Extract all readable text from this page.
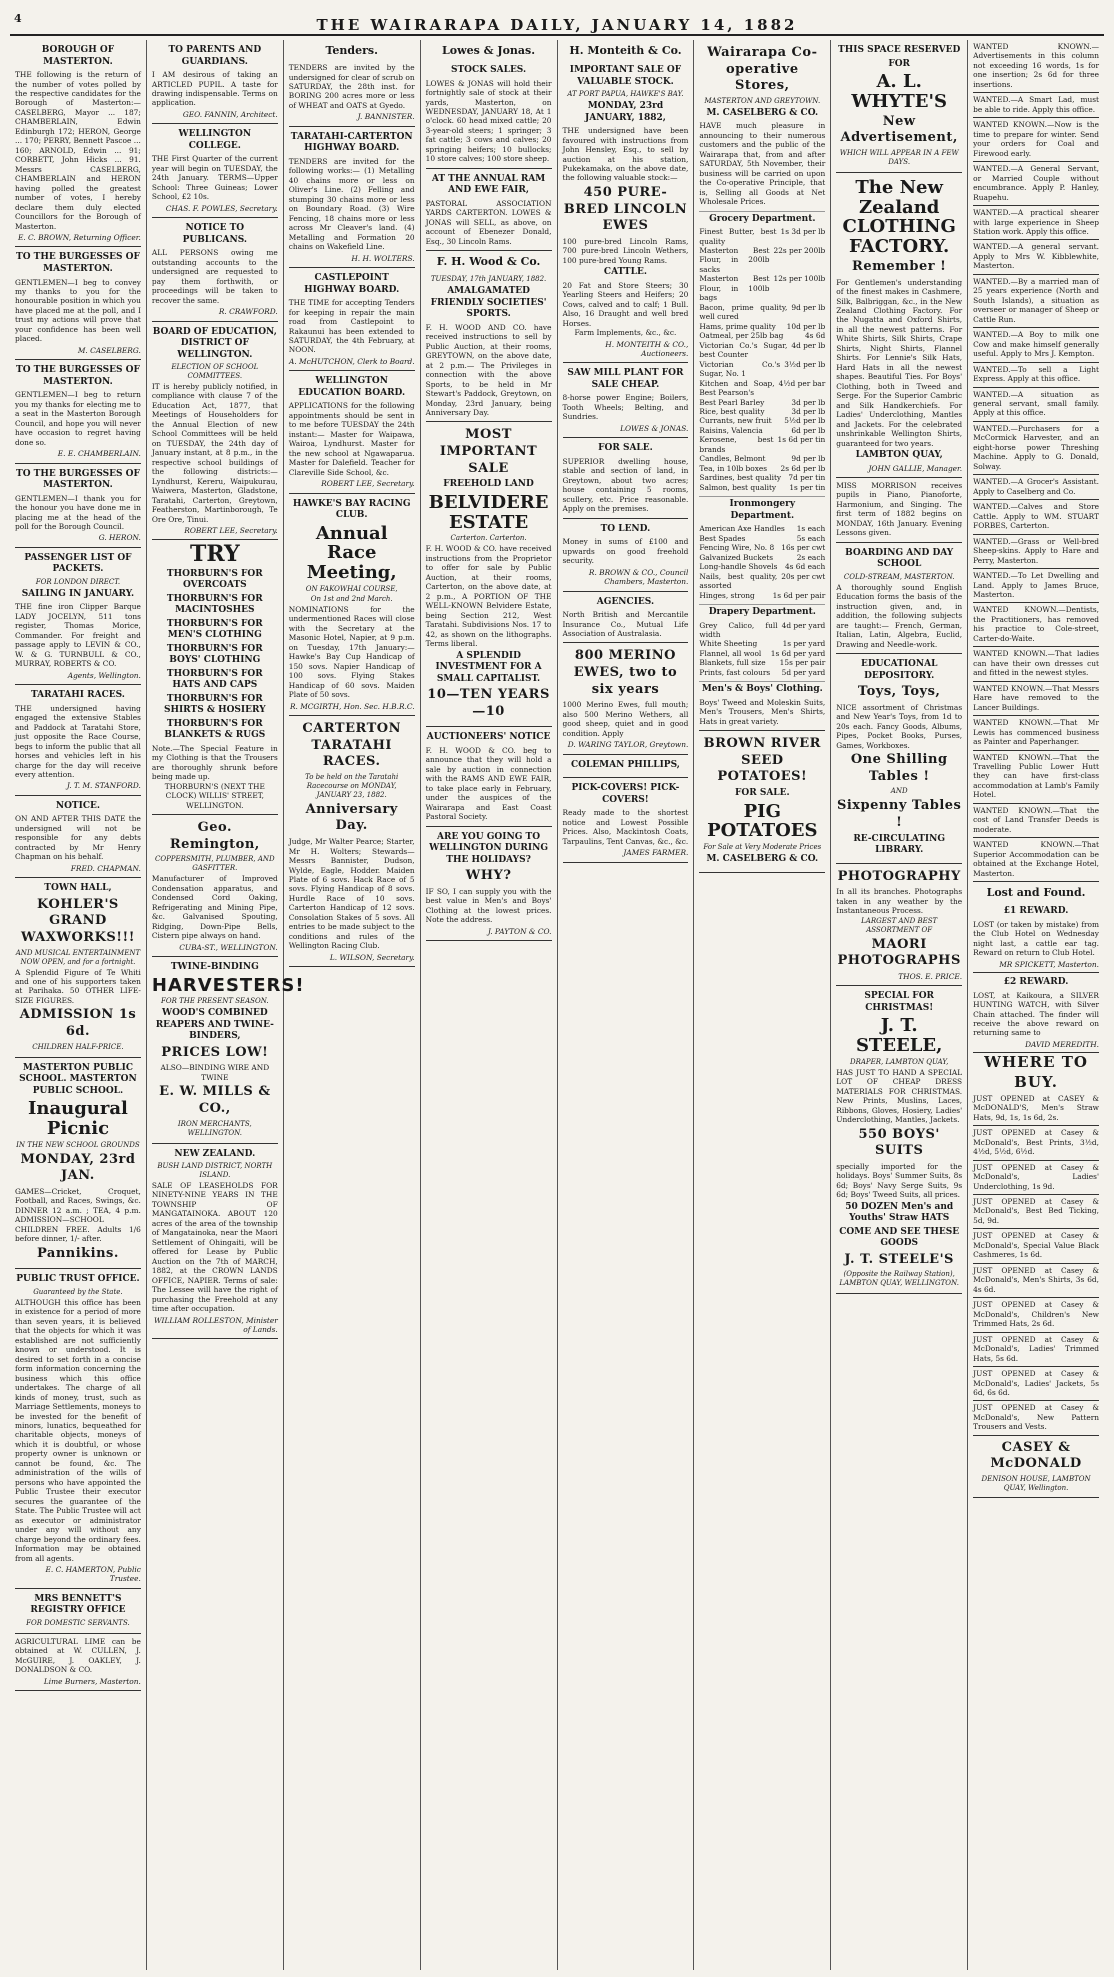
4	THE WAIRARAPA DAILY, JANUARY 14, 1882
BOROUGH OF MASTERTON.
THE following is the return of the number of votes polled by the respective candidates for the Borough of Masterton:— CASELBERG, Mayor ... 187; CHAMBERLAIN, Edwin Edinburgh 172; HERON, George ... 170; PERRY, Bennett Pascoe ... 160; ARNOLD, Edwin ... 91; CORBETT, John Hicks ... 91. Messrs CASELBERG, CHAMBERLAIN and HERON having polled the greatest number of votes, I hereby declare them duly elected Councillors for the Borough of Masterton.
E. C. BROWN, Returning Officer.
TO THE BURGESSES OF MASTERTON.
GENTLEMEN—I beg to convey my thanks to you for the honourable position in which you have placed me at the poll, and I trust my actions will prove that your confidence has been well placed.
M. CASELBERG.
TO THE BURGESSES OF MASTERTON.
GENTLEMEN—I beg to return you my thanks for electing me to a seat in the Masterton Borough Council, and hope you will never have occasion to regret having done so.
E. E. CHAMBERLAIN.
TO THE BURGESSES OF MASTERTON.
GENTLEMEN—I thank you for the honour you have done me in placing me at the head of the poll for the Borough Council.
G. HERON.
PASSENGER LIST OF PACKETS.
FOR LONDON DIRECT.
SAILING IN JANUARY.
THE fine iron Clipper Barque LADY JOCELYN, 511 tons register, Thomas Morice, Commander. For freight and passage apply to LEVIN & CO., W. & G. TURNBULL & CO., MURRAY, ROBERTS & CO.
Agents, Wellington.
TARATAHI RACES.
THE undersigned having engaged the extensive Stables and Paddock at Taratahi Store, just opposite the Race Course, begs to inform the public that all horses and vehicles left in his charge for the day will receive every attention.
J. T. M. STANFORD.
NOTICE.
ON AND AFTER THIS DATE the undersigned will not be responsible for any debts contracted by Mr Henry Chapman on his behalf.
FRED. CHAPMAN.
TOWN HALL,
KOHLER'S GRAND WAXWORKS!!!
AND MUSICAL ENTERTAINMENT NOW OPEN, and for a fortnight.
A Splendid Figure of Te Whiti and one of his supporters taken at Parihaka. 50 OTHER LIFE-SIZE FIGURES.
ADMISSION 1s 6d.
CHILDREN HALF-PRICE.
MASTERTON PUBLIC SCHOOL. MASTERTON PUBLIC SCHOOL.
Inaugural Picnic
IN THE NEW SCHOOL GROUNDS
MONDAY, 23rd JAN.
GAMES—Cricket, Croquet, Football, and Races, Swings, &c. DINNER 12 a.m. ; TEA, 4 p.m. ADMISSION—SCHOOL CHILDREN FREE. Adults 1/6 before dinner, 1/- after.
Pannikins.
PUBLIC TRUST OFFICE.
Guaranteed by the State.
ALTHOUGH this office has been in existence for a period of more than seven years, it is believed that the objects for which it was established are not sufficiently known or understood. It is desired to set forth in a concise form information concerning the business which this office undertakes. The charge of all kinds of money, trust, such as Marriage Settlements, moneys to be invested for the benefit of minors, lunatics, bequeathed for charitable objects, moneys of which it is doubtful, or whose property owner is unknown or cannot be found, &c. The administration of the wills of persons who have appointed the Public Trustee their executor secures the guarantee of the State. The Public Trustee will act as executor or administrator under any will without any charge beyond the ordinary fees. Information may be obtained from all agents.
E. C. HAMERTON, Public Trustee.
MRS BENNETT'S REGISTRY OFFICE
FOR DOMESTIC SERVANTS.
AGRICULTURAL LIME can be obtained at W. CULLEN, J. McGUIRE, J. OAKLEY, J. DONALDSON & CO.
Lime Burners, Masterton.
TO PARENTS AND GUARDIANS.
I AM desirous of taking an ARTICLED PUPIL. A taste for drawing indispensable. Terms on application.
GEO. FANNIN, Architect.
WELLINGTON COLLEGE.
THE First Quarter of the current year will begin on TUESDAY, the 24th January. TERMS—Upper School: Three Guineas; Lower School, £2 10s.
CHAS. F. POWLES, Secretary.
NOTICE TO PUBLICANS.
ALL PERSONS owing me outstanding accounts to the undersigned are requested to pay them forthwith, or proceedings will be taken to recover the same.
R. CRAWFORD.
BOARD OF EDUCATION, DISTRICT OF WELLINGTON.
ELECTION OF SCHOOL COMMITTEES.
IT is hereby publicly notified, in compliance with clause 7 of the Education Act, 1877, that Meetings of Householders for the Annual Election of new School Committees will be held on TUESDAY, the 24th day of January instant, at 8 p.m., in the respective school buildings of the following districts:— Lyndhurst, Kereru, Waipukurau, Waiwera, Masterton, Gladstone, Taratahi, Carterton, Greytown, Featherston, Martinborough, Te Ore Ore, Tinui.
ROBERT LEE, Secretary.
TRY
THORBURN'S FOR OVERCOATS
THORBURN'S FOR MACINTOSHES
THORBURN'S FOR MEN'S CLOTHING
THORBURN'S FOR BOYS' CLOTHING
THORBURN'S FOR HATS AND CAPS
THORBURN'S FOR SHIRTS & HOSIERY
THORBURN'S FOR BLANKETS & RUGS
Note.—The Special Feature in my Clothing is that the Trousers are thoroughly shrunk before being made up.
THORBURN'S (NEXT THE CLOCK) WILLIS' STREET, WELLINGTON.
Geo. Remington,
COPPERSMITH, PLUMBER, AND GASFITTER.
Manufacturer of Improved Condensation apparatus, and Condensed Cord Oaking, Refrigerating and Mining Pipe, &c. Galvanised Spouting, Ridging, Down-Pipe Bells, Cistern pipe always on hand.
CUBA-ST., WELLINGTON.
TWINE-BINDING
HARVESTERS!
FOR THE PRESENT SEASON.
WOOD'S COMBINED REAPERS AND TWINE-BINDERS,
PRICES LOW!
ALSO—BINDING WIRE AND TWINE
E. W. MILLS & CO.,
IRON MERCHANTS, WELLINGTON.
NEW ZEALAND.
BUSH LAND DISTRICT, NORTH ISLAND.
SALE OF LEASEHOLDS FOR NINETY-NINE YEARS IN THE TOWNSHIP OF MANGATAINOKA. ABOUT 120 acres of the area of the township of Mangatainoka, near the Maori Settlement of Ohingaiti, will be offered for Lease by Public Auction on the 7th of MARCH, 1882, at the CROWN LANDS OFFICE, NAPIER. Terms of sale: The Lessee will have the right of purchasing the Freehold at any time after occupation.
WILLIAM ROLLESTON, Minister of Lands.
Tenders.
TENDERS are invited by the undersigned for clear of scrub on SATURDAY, the 28th inst. for BORING 200 acres more or less of WHEAT and OATS at Gyedo.
J. BANNISTER.
TARATAHI-CARTERTON HIGHWAY BOARD.
TENDERS are invited for the following works:— (1) Metalling 40 chains more or less on Oliver's Line. (2) Felling and stumping 30 chains more or less on Boundary Road. (3) Wire Fencing, 18 chains more or less across Mr Cleaver's land. (4) Metalling and Formation 20 chains on Wakefield Line.
H. H. WOLTERS.
CASTLEPOINT HIGHWAY BOARD.
THE TIME for accepting Tenders for keeping in repair the main road from Castlepoint to Rakaunui has been extended to SATURDAY, the 4th February, at NOON.
A. McHUTCHON, Clerk to Board.
WELLINGTON EDUCATION BOARD.
APPLICATIONS for the following appointments should be sent in to me before TUESDAY the 24th instant:— Master for Waipawa, Wairoa, Lyndhurst. Master for the new school at Ngawaparua. Master for Dalefield. Teacher for Clareville Side School, &c.
ROBERT LEE, Secretary.
HAWKE'S BAY RACING CLUB.
Annual Race Meeting,
ON FAKOWHAI COURSE,
On 1st and 2nd March.
NOMINATIONS for the undermentioned Races will close with the Secretary at the Masonic Hotel, Napier, at 9 p.m. on Tuesday, 17th January:— Hawke's Bay Cup Handicap of 150 sovs. Napier Handicap of 100 sovs. Flying Stakes Handicap of 60 sovs. Maiden Plate of 50 sovs.
R. MCGIRTH, Hon. Sec. H.B.R.C.
CARTERTON TARATAHI RACES.
To be held on the Taratahi Racecourse on MONDAY, JANUARY 23, 1882.
Anniversary Day.
Judge, Mr Walter Pearce; Starter, Mr H. Wolters; Stewards—Messrs Bannister, Dudson, Wylde, Eagle, Hodder. Maiden Plate of 6 sovs. Hack Race of 5 sovs. Flying Handicap of 8 sovs. Hurdle Race of 10 sovs. Carterton Handicap of 12 sovs. Consolation Stakes of 5 sovs. All entries to be made subject to the conditions and rules of the Wellington Racing Club.
L. WILSON, Secretary.
Lowes & Jonas.
STOCK SALES.
LOWES & JONAS will hold their fortnightly sale of stock at their yards, Masterton, on WEDNESDAY, JANUARY 18, At 1 o'clock. 60 head mixed cattle; 20 3-year-old steers; 1 springer; 3 fat cattle; 3 cows and calves; 20 springing heifers; 10 bullocks; 10 store calves; 100 store sheep.
AT THE ANNUAL RAM AND EWE FAIR,
PASTORAL ASSOCIATION YARDS CARTERTON. LOWES & JONAS will SELL, as above, on account of Ebenezer Donald, Esq., 30 Lincoln Rams.
F. H. Wood & Co.
TUESDAY, 17th JANUARY, 1882.
AMALGAMATED FRIENDLY SOCIETIES' SPORTS.
F. H. WOOD AND CO. have received instructions to sell by Public Auction, at their rooms, GREYTOWN, on the above date, at 2 p.m.— The Privileges in connection with the above Sports, to be held in Mr Stewart's Paddock, Greytown, on Monday, 23rd January, being Anniversary Day.
MOST IMPORTANT SALE
FREEHOLD LAND
BELVIDERE ESTATE
Carterton. Carterton.
F. H. WOOD & CO. have received instructions from the Proprietor to offer for sale by Public Auction, at their rooms, Carterton, on the above date, at 2 p.m., A PORTION OF THE WELL-KNOWN Belvidere Estate, being Section 212, West Taratahi. Subdivisions Nos. 17 to 42, as shown on the lithographs. Terms liberal.
A SPLENDID INVESTMENT FOR A SMALL CAPITALIST.
10—TEN YEARS—10
AUCTIONEERS' NOTICE
F. H. WOOD & CO. beg to announce that they will hold a sale by auction in connection with the RAMS AND EWE FAIR, to take place early in February, under the auspices of the Wairarapa and East Coast Pastoral Society.
ARE YOU GOING TO WELLINGTON DURING THE HOLIDAYS?
WHY?
IF SO, I can supply you with the best value in Men's and Boys' Clothing at the lowest prices. Note the address.
J. PAYTON & CO.
H. Monteith & Co.
IMPORTANT SALE OF VALUABLE STOCK.
AT PORT PAPUA, HAWKE'S BAY.
MONDAY, 23rd JANUARY, 1882,
THE undersigned have been favoured with instructions from John Hensley, Esq., to sell by auction at his station, Pukekamaka, on the above date, the following valuable stock:—
450 PURE-BRED LINCOLN EWES
100 pure-bred Lincoln Rams, 700 pure-bred Lincoln Wethers, 100 pure-bred Young Rams.
CATTLE.
20 Fat and Store Steers; 30 Yearling Steers and Heifers; 20 Cows, calved and to calf; 1 Bull. Also, 16 Draught and well bred Horses.
Farm Implements, &c., &c.
H. MONTEITH & CO., Auctioneers.
SAW MILL PLANT FOR SALE CHEAP.
8-horse power Engine; Boilers, Tooth Wheels; Belting, and Sundries.
LOWES & JONAS.
FOR SALE.
SUPERIOR dwelling house, stable and section of land, in Greytown, about two acres; house containing 5 rooms, scullery, etc. Price reasonable. Apply on the premises.
TO LEND.
Money in sums of £100 and upwards on good freehold security.
R. BROWN & CO., Council Chambers, Masterton.
AGENCIES.
North British and Mercantile Insurance Co., Mutual Life Association of Australasia.
800 MERINO EWES, two to six years
1000 Merino Ewes, full mouth; also 500 Merino Wethers, all good sheep, quiet and in good condition. Apply
D. WARING TAYLOR, Greytown.
COLEMAN PHILLIPS,
PICK-COVERS! PICK-COVERS!
Ready made to the shortest notice and Lowest Possible Prices. Also, Mackintosh Coats, Tarpaulins, Tent Canvas, &c., &c.
JAMES FARMER.
Wairarapa Co-operative Stores,
MASTERTON AND GREYTOWN.
M. CASELBERG & CO.
HAVE much pleasure in announcing to their numerous customers and the public of the Wairarapa that, from and after SATURDAY, 5th November, their business will be carried on upon the Co-operative Principle, that is, Selling all Goods at Net Wholesale Prices.
Grocery Department.
Finest Butter, best quality
1s 3d per lb
Masterton Best Flour, in 200lb sacks
22s per 200lb
Masterton Best Flour, in 100lb bags
12s per 100lb
Bacon, prime quality, well cured
9d per lb
Hams, prime quality 10d per lb
Oatmeal, per 25lb bag	4s 6d
Victorian Co.'s Sugar, best Counter
4d per lb
Victorian Co.'s Sugar, No. 1
3½d per lb
Kitchen and Soap, Best Pearson's
4½d per bar
Best Pearl Barley	3d per lb
Rice, best quality	3d per lb
Currants, new fruit 5½d per lb
Raisins, Valencia	6d per lb
Kerosene, best brands
1s 6d per tin
Candles, Belmont	9d per lb
Tea, in 10lb boxes 2s 6d per lb
Sardines, best quality 7d per tin
Salmon, best quality 1s per tin
Ironmongery Department.
American Axe Handles 1s each
Best Spades	5s each
Fencing Wire, No. 8 16s per cwt
Galvanized Buckets	2s each
Long-handle Shovels 4s 6d each
Nails, best quality, assorted
20s per cwt
Hinges, strong 1s 6d per pair
Drapery Department.
Grey Calico, full width
4d per yard
White Sheeting	1s per yard
Flannel, all wool 1s 6d per yard
Blankets, full size 15s per pair
Prints, fast colours 5d per yard
Men's & Boys' Clothing.
Boys' Tweed and Moleskin Suits, Men's Trousers, Men's Shirts, Hats in great variety.
BROWN RIVER SEED POTATOES!
FOR SALE.
PIG POTATOES
For Sale at Very Moderate Prices
M. CASELBERG & CO.
THIS SPACE RESERVED
FOR
A. L. WHYTE'S
New Advertisement,
WHICH WILL APPEAR IN A FEW DAYS.
The New Zealand CLOTHING FACTORY.
Remember !
For Gentlemen's understanding of the finest makes in Cashmere, Silk, Balbriggan, &c., in the New Zealand Clothing Factory. For the Nugatta and Oxford Shirts, in all the newest patterns. For White Shirts, Silk Shirts, Crape Shirts, Night Shirts, Flannel Shirts. For Lennie's Silk Hats, Hard Hats in all the newest shapes. Beautiful Ties. For Boys' Clothing, both in Tweed and Serge. For the Superior Cambric and Silk Handkerchiefs. For Ladies' Underclothing, Mantles and Jackets. For the celebrated unshrinkable Wellington Shirts, guaranteed for two years.
LAMBTON QUAY,
JOHN GALLIE, Manager.
MISS MORRISON receives pupils in Piano, Pianoforte, Harmonium, and Singing. The first term of 1882 begins on MONDAY, 16th January. Evening Lessons given.
BOARDING AND DAY SCHOOL
COLD-STREAM, MASTERTON.
A thoroughly sound English Education forms the basis of the instruction given, and, in addition, the following subjects are taught:— French, German, Italian, Latin, Algebra, Euclid, Drawing and Needle-work.
EDUCATIONAL DEPOSITORY.
Toys, Toys,
NICE assortment of Christmas and New Year's Toys, from 1d to 20s each. Fancy Goods, Albums, Pipes, Pocket Books, Purses, Games, Workboxes.
One Shilling Tables !
AND
Sixpenny Tables !
RE-CIRCULATING LIBRARY.
PHOTOGRAPHY
In all its branches. Photographs taken in any weather by the Instantaneous Process.
LARGEST AND BEST ASSORTMENT OF
MAORI PHOTOGRAPHS
THOS. E. PRICE.
SPECIAL FOR CHRISTMAS!
J. T. STEELE,
DRAPER, LAMBTON QUAY,
HAS JUST TO HAND A SPECIAL LOT OF CHEAP DRESS MATERIALS FOR CHRISTMAS. New Prints, Muslins, Laces, Ribbons, Gloves, Hosiery, Ladies' Underclothing, Mantles, Jackets.
550 BOYS' SUITS
specially imported for the holidays. Boys' Summer Suits, 8s 6d; Boys' Navy Serge Suits, 9s 6d; Boys' Tweed Suits, all prices.
50 DOZEN Men's and Youths' Straw HATS
COME AND SEE THESE GOODS
J. T. STEELE'S
(Opposite the Railway Station), LAMBTON QUAY, WELLINGTON.
WANTED KNOWN.—Advertisements in this column not exceeding 16 words, 1s for one insertion; 2s 6d for three insertions.
WANTED.—A Smart Lad, must be able to ride. Apply this office.
WANTED KNOWN.—Now is the time to prepare for winter. Send your orders for Coal and Firewood early.
WANTED.—A General Servant, or Married Couple without encumbrance. Apply P. Hanley, Ruapehu.
WANTED.—A practical shearer with large experience in Sheep Station work. Apply this office.
WANTED.—A general servant. Apply to Mrs W. Kibblewhite, Masterton.
WANTED.—By a married man of 25 years experience (North and South Islands), a situation as overseer or manager of Sheep or Cattle Run.
WANTED.—A Boy to milk one Cow and make himself generally useful. Apply to Mrs J. Kempton.
WANTED.—To sell a Light Express. Apply at this office.
WANTED.—A situation as general servant, small family. Apply at this office.
WANTED.—Purchasers for a McCormick Harvester, and an eight-horse power Threshing Machine. Apply to G. Donald, Solway.
WANTED.—A Grocer's Assistant. Apply to Caselberg and Co.
WANTED.—Calves and Store Cattle. Apply to WM. STUART FORBES, Carterton.
WANTED.—Grass or Well-bred Sheep-skins. Apply to Hare and Perry, Masterton.
WANTED.—To Let Dwelling and Land. Apply to James Bruce, Masterton.
WANTED KNOWN.—Dentists, the Practitioners, has removed his practice to Cole-street, Carter-do-Waite.
WANTED KNOWN.—That ladies can have their own dresses cut and fitted in the newest styles.
WANTED KNOWN.—That Messrs Hare have removed to the Lancer Buildings.
WANTED KNOWN.—That Mr Lewis has commenced business as Painter and Paperhanger.
WANTED KNOWN.—That the Travelling Public Lower Hutt they can have first-class accommodation at Lamb's Family Hotel.
WANTED KNOWN.—That the cost of Land Transfer Deeds is moderate.
WANTED KNOWN.—That Superior Accommodation can be obtained at the Exchange Hotel, Masterton.
Lost and Found.
£1 REWARD.
LOST (or taken by mistake) from the Club Hotel on Wednesday night last, a cattle ear tag. Reward on return to Club Hotel.
MR SPICKETT, Masterton.
£2 REWARD.
LOST, at Kaikoura, a SILVER HUNTING WATCH, with Silver Chain attached. The finder will receive the above reward on returning same to
DAVID MEREDITH.
WHERE TO BUY.
JUST OPENED at CASEY & McDONALD'S, Men's Straw Hats, 9d, 1s, 1s 6d, 2s.
JUST OPENED at Casey & McDonald's, Best Prints, 3½d, 4½d, 5½d, 6½d.
JUST OPENED at Casey & McDonald's, Ladies' Underclothing, 1s 9d.
JUST OPENED at Casey & McDonald's, Best Bed Ticking, 5d, 9d.
JUST OPENED at Casey & McDonald's, Special Value Black Cashmeres, 1s 6d.
JUST OPENED at Casey & McDonald's, Men's Shirts, 3s 6d, 4s 6d.
JUST OPENED at Casey & McDonald's, Children's New Trimmed Hats, 2s 6d.
JUST OPENED at Casey & McDonald's, Ladies' Trimmed Hats, 5s 6d.
JUST OPENED at Casey & McDonald's, Ladies' Jackets, 5s 6d, 6s 6d.
JUST OPENED at Casey & McDonald's, New Pattern Trousers and Vests.
CASEY & McDONALD
DENISON HOUSE, LAMBTON QUAY, Wellington.
